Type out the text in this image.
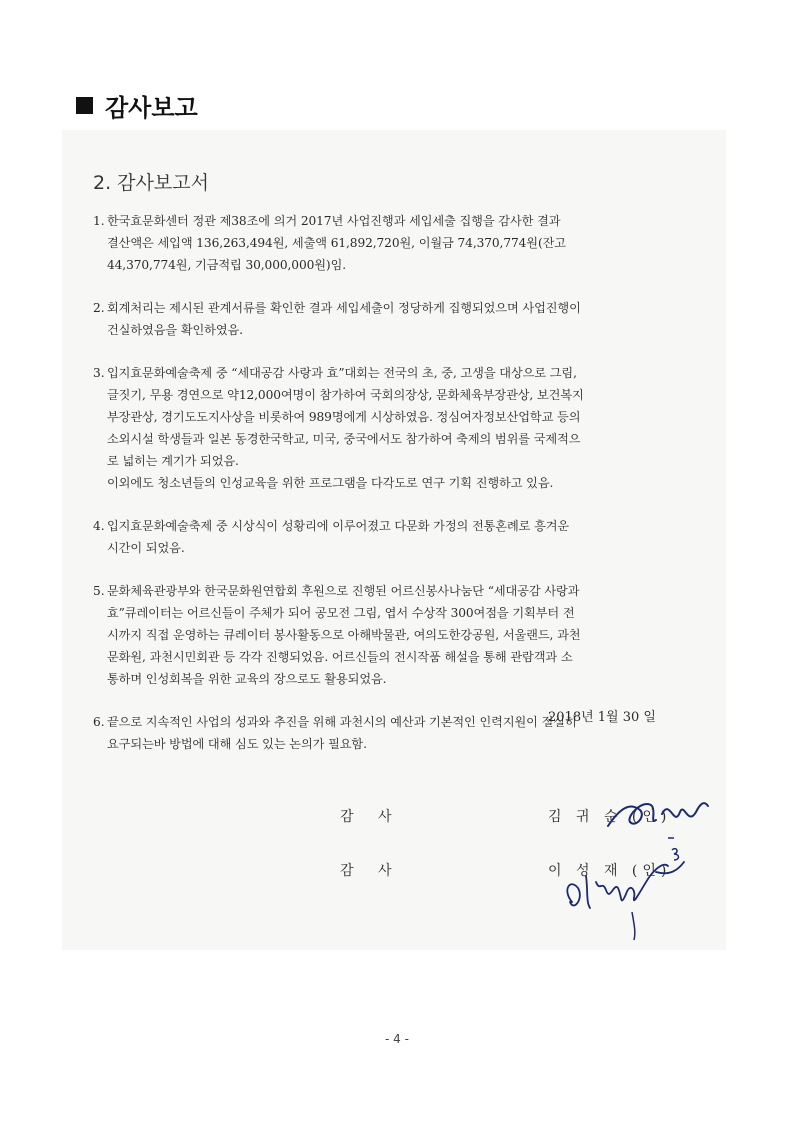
감사보고
2. 감사보고서
1. 한국효문화센터 정관 제38조에 의거 2017년 사업진행과 세입세출 집행을 감사한 결과
결산액은 세입액 136,263,494원, 세출액 61,892,720원, 이월금 74,370,774원(잔고
44,370,774원, 기금적립 30,000,000원)임.
2. 회계처리는 제시된 관계서류를 확인한 결과 세입세출이 정당하게 집행되었으며 사업진행이
건실하였음을 확인하였음.
3. 입지효문화예술축제 중 “세대공감 사랑과 효”대회는 전국의 초, 중, 고생을 대상으로 그림,
글짓기, 무용 경연으로 약12,000여명이 참가하여 국회의장상, 문화체육부장관상, 보건복지
부장관상, 경기도도지사상을 비롯하여 989명에게 시상하였음. 정심여자정보산업학교 등의
소외시설 학생들과 일본 동경한국학교, 미국, 중국에서도 참가하여 축제의 범위를 국제적으
로 넓히는 계기가 되었음.
이외에도 청소년들의 인성교육을 위한 프로그램을 다각도로 연구 기획 진행하고 있음.
4. 입지효문화예술축제 중 시상식이 성황리에 이루어졌고 다문화 가정의 전통혼례로 흥겨운
시간이 되었음.
5. 문화체육관광부와 한국문화원연합회 후원으로 진행된 어르신봉사나눔단 “세대공감 사랑과
효”큐레이터는 어르신들이 주체가 되어 공모전 그림, 엽서 수상작 300여점을 기획부터 전
시까지 직접 운영하는 큐레이터 봉사활동으로 아해박물관, 여의도한강공원, 서울랜드, 과천
문화원, 과천시민회관 등 각각 진행되었음. 어르신들의 전시작품 해설을 통해 관람객과 소
통하며 인성회복을 위한 교육의 장으로도 활용되었음.
6. 끝으로 지속적인 사업의 성과와 추진을 위해 과천시의 예산과 기본적인 인력지원이 절실히
요구되는바 방법에 대해 심도 있는 논의가 필요함.
2018년 1월 30 일
감 사	김 귀 순 (인)
감 사	이 성 재 (인)
- 4 -
